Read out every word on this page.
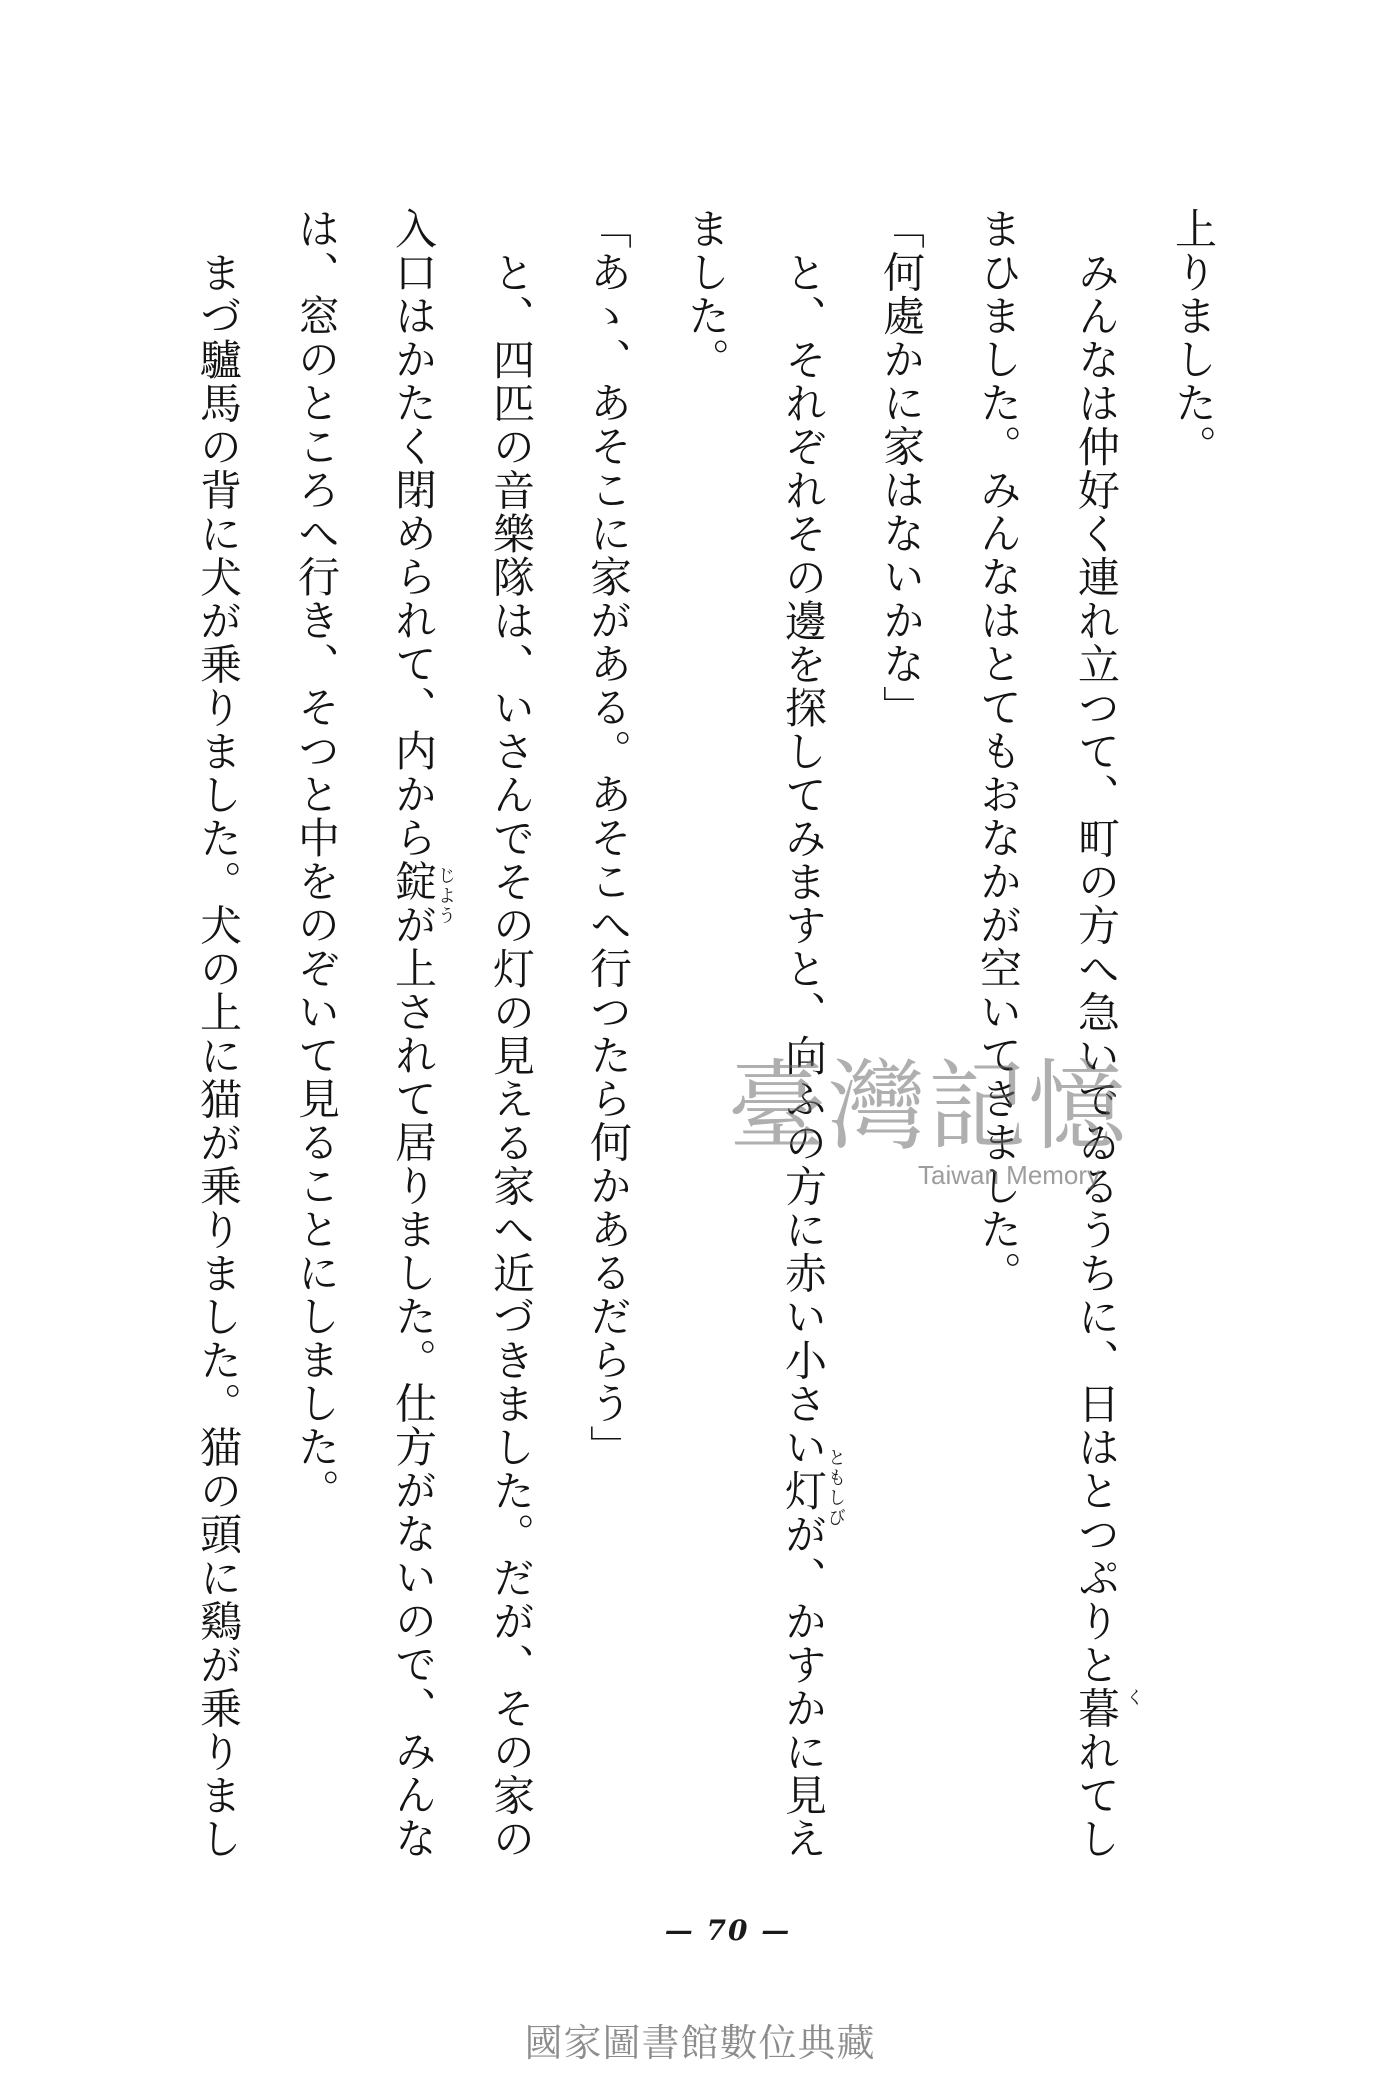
上りました。
みんなは仲好く連れ立つて、町の方へ急いでゐるうちに、日はとつぷりと暮れてし
まひました。みんなはとてもおなかが空いてきました。
「何處かに家はないかな」
と、それぞれその邊を探してみますと、向ふの方に赤い小さい灯が、かすかに見え
ました。
「あゝ、あそこに家がある。あそこへ行つたら何かあるだらう」
と、四匹の音樂隊は、いさんでその灯の見える家へ近づきました。だが、その家の
入口はかたく閉められて、内から錠が上されて居りました。仕方がないので、みんな
は、窓のところへ行き、そつと中をのぞいて見ることにしました。
まづ驢馬の背に犬が乗りました。犬の上に猫が乗りました。猫の頭に鷄が乗りまし	く
ともしび
じよう
臺灣記憶
Taiwan Memory
— 70 —
國家圖書館數位典藏
